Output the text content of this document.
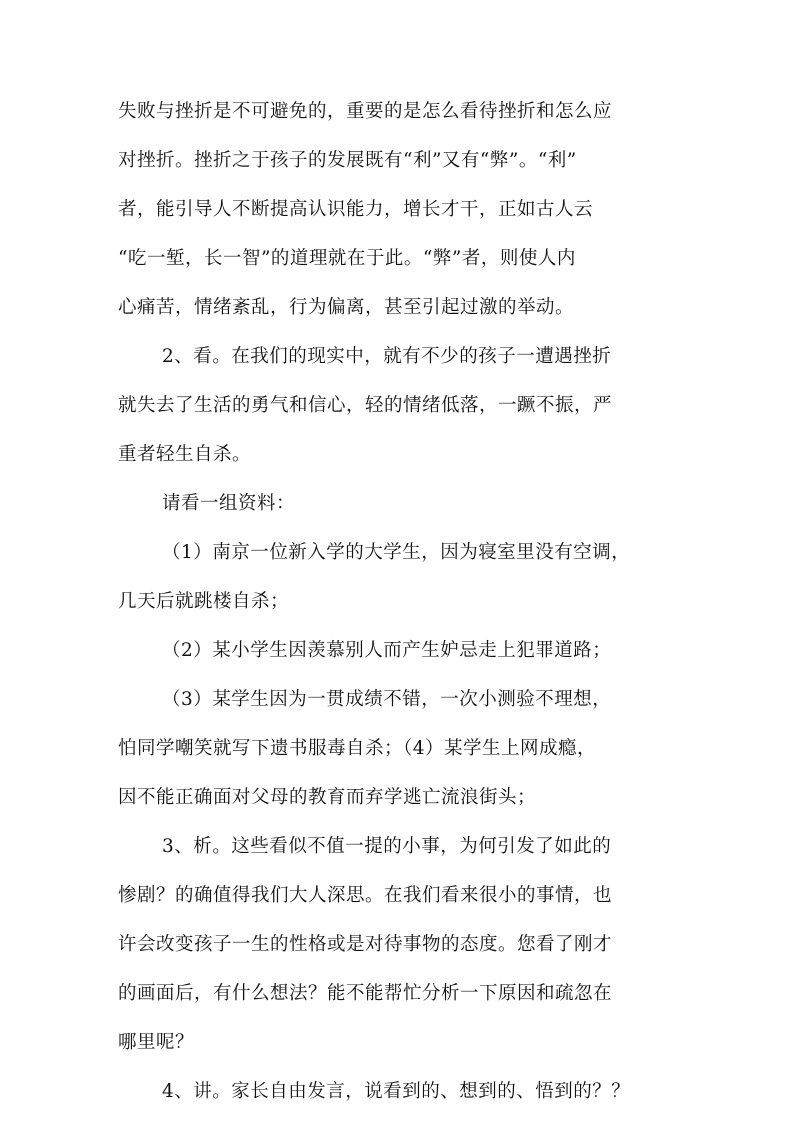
失败与挫折是不可避免的，重要的是怎么看待挫折和怎么应
对挫折。挫折之于孩子的发展既有“利”又有“弊”。“利”
者，能引导人不断提高认识能力，增长才干，正如古人云
“吃一堑，长一智”的道理就在于此。“弊”者，则使人内
心痛苦，情绪紊乱，行为偏离，甚至引起过激的举动。
2、看。在我们的现实中，就有不少的孩子一遭遇挫折
就失去了生活的勇气和信心，轻的情绪低落，一蹶不振，严
重者轻生自杀。
请看一组资料：
（1）南京一位新入学的大学生，因为寝室里没有空调，
几天后就跳楼自杀；
（2）某小学生因羡慕别人而产生妒忌走上犯罪道路；
（3）某学生因为一贯成绩不错，一次小测验不理想，
怕同学嘲笑就写下遗书服毒自杀；（4）某学生上网成瘾，
因不能正确面对父母的教育而弃学逃亡流浪街头；
3、析。这些看似不值一提的小事，为何引发了如此的
惨剧？的确值得我们大人深思。在我们看来很小的事情，也
许会改变孩子一生的性格或是对待事物的态度。您看了刚才
的画面后，有什么想法？能不能帮忙分析一下原因和疏忽在
哪里呢？
4、讲。家长自由发言，说看到的、想到的、悟到的？？
